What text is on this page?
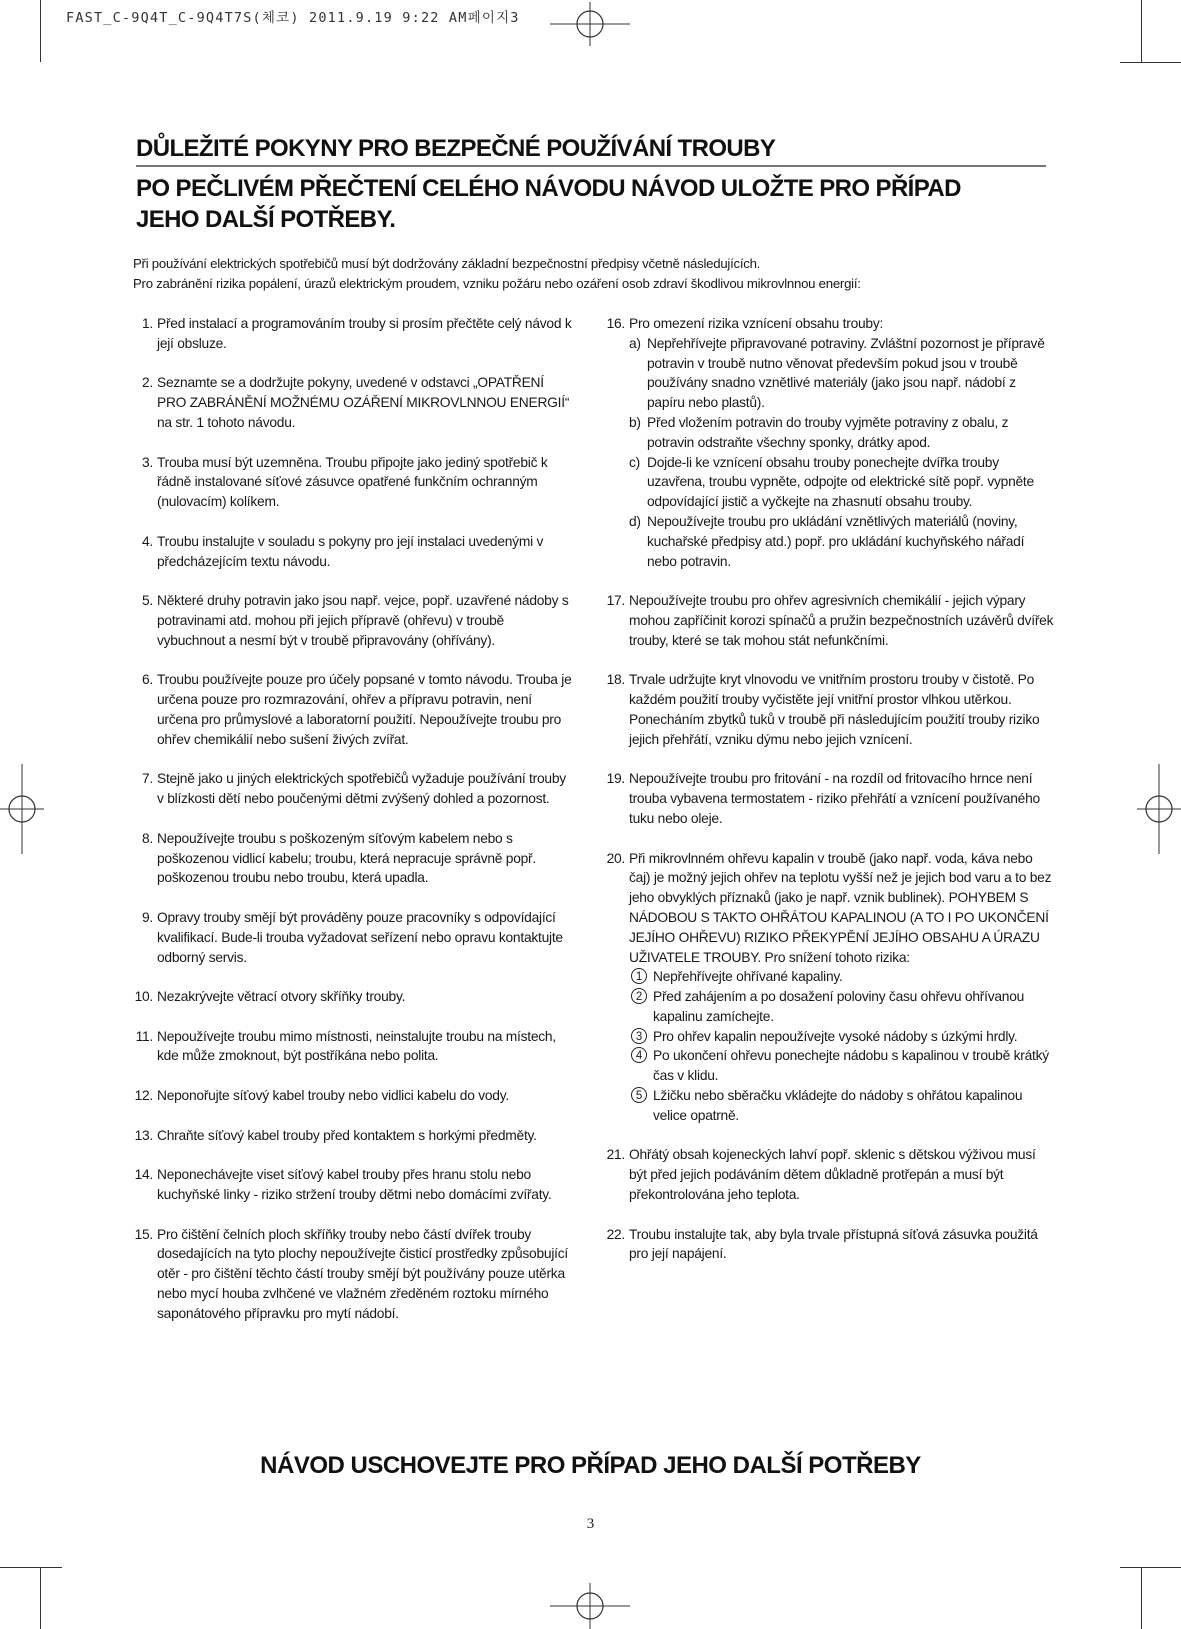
FAST_C-9Q4T_C-9Q4T7S(체코) 2011.9.19 9:22 AM페이지3
DŮLEŽITÉ POKYNY PRO BEZPEČNÉ POUŽÍVÁNÍ TROUBY
PO PEČLIVÉM PŘEČTENÍ CELÉHO NÁVODU NÁVOD ULOŽTE PRO PŘÍPAD
JEHO DALŠÍ POTŘEBY.

Při používání elektrických spotřebičů musí být dodržovány základní bezpečnostní předpisy včetně následujících.

Pro zabránění rizika popálení, úrazů elektrickým proudem, vzniku požáru nebo ozáření osob zdraví škodlivou mikrovlnnou energií:

1. Před instalací a programováním trouby si prosím přečtěte celý návod k její obsluze.

2. Seznamte se a dodržujte pokyny, uvedené v odstavci „OPATŘENÍ PRO ZABRÁNĚNÍ MOŽNÉMU OZÁŘENÍ MIKROVLNNOU ENERGIÍ“ na str. 1 tohoto návodu.

3. Trouba musí být uzemněna. Troubu připojte jako jediný spotřebič k řádně instalované síťové zásuvce opatřené funkčním ochranným (nulovacím) kolíkem.

4. Troubu instalujte v souladu s pokyny pro její instalaci uvedenými v předcházejícím textu návodu.

5. Některé druhy potravin jako jsou např. vejce, popř. uzavřené nádoby s potravinami atd. mohou při jejich přípravě (ohřevu) v troubě vybuchnout a nesmí být v troubě připravovány (ohřívány).

6. Troubu používejte pouze pro účely popsané v tomto návodu. Trouba je určena pouze pro rozmrazování, ohřev a přípravu potravin, není určena pro průmyslové a laboratorní použití. Nepoužívejte troubu pro ohřev chemikálií nebo sušení živých zvířat.

7. Stejně jako u jiných elektrických spotřebičů vyžaduje používání trouby v blízkosti dětí nebo poučenými dětmi zvýšený dohled a pozornost.

8. Nepoužívejte troubu s poškozeným síťovým kabelem nebo s poškozenou vidlicí kabelu; troubu, která nepracuje správně popř. poškozenou troubu nebo troubu, která upadla.

9. Opravy trouby smějí být prováděny pouze pracovníky s odpovídající kvalifikací. Bude-li trouba vyžadovat seřízení nebo opravu kontaktujte odborný servis.

10. Nezakrývejte větrací otvory skříňky trouby.

11. Nepoužívejte troubu mimo místnosti, neinstalujte troubu na místech, kde může zmoknout, být postříkána nebo polita.

12. Neponořujte síťový kabel trouby nebo vidlici kabelu do vody.

13. Chraňte síťový kabel trouby před kontaktem s horkými předměty.

14. Neponechávejte viset síťový kabel trouby přes hranu stolu nebo kuchyňské linky - riziko stržení trouby dětmi nebo domácími zvířaty.

15. Pro čištění čelních ploch skříňky trouby nebo částí dvířek trouby dosedajících na tyto plochy nepoužívejte čisticí prostředky způsobující otěr - pro čištění těchto částí trouby smějí být používány pouze utěrka nebo mycí houba zvlhčené ve vlažném zředěném roztoku mírného saponátového přípravku pro mytí nádobí.

16. Pro omezení rizika vznícení obsahu trouby:

a) Nepřehřívejte připravované potraviny. Zvláštní pozornost je přípravě potravin v troubě nutno věnovat především pokud jsou v troubě používány snadno vznětlivé materiály (jako jsou např. nádobí z papíru nebo plastů).

b) Před vložením potravin do trouby vyjměte potraviny z obalu, z potravin odstraňte všechny sponky, drátky apod.

c) Dojde-li ke vznícení obsahu trouby ponechejte dvířka trouby uzavřena, troubu vypněte, odpojte od elektrické sítě popř. vypněte odpovídající jistič a vyčkejte na zhasnutí obsahu trouby.

d) Nepoužívejte troubu pro ukládání vznětlivých materiálů (noviny, kuchařské předpisy atd.) popř. pro ukládání kuchyňského nářadí nebo potravin.

17. Nepoužívejte troubu pro ohřev agresivních chemikálií - jejich výpary mohou zapříčinit korozi spínačů a pružin bezpečnostních uzávěrů dvířek trouby, které se tak mohou stát nefunkčními.

18. Trvale udržujte kryt vlnovodu ve vnitřním prostoru trouby v čistotě. Po každém použití trouby vyčistěte její vnitřní prostor vlhkou utěrkou. Ponecháním zbytků tuků v troubě při následujícím použití trouby riziko jejich přehřátí, vzniku dýmu nebo jejich vznícení.

19. Nepoužívejte troubu pro fritování - na rozdíl od fritovacího hrnce není trouba vybavena termostatem - riziko přehřátí a vznícení používaného tuku nebo oleje.

20. Při mikrovlnném ohřevu kapalin v troubě (jako např. voda, káva nebo čaj) je možný jejich ohřev na teplotu vyšší než je jejich bod varu a to bez jeho obvyklých příznaků (jako je např. vznik bublinek). POHYBEM S NÁDOBOU S TAKTO OHŘÁTOU KAPALINOU (A TO I PO UKONČENÍ JEJÍHO OHŘEVU) RIZIKO PŘEKYPĚNÍ JEJÍHO OBSAHU A ÚRAZU UŽIVATELE TROUBY. Pro snížení tohoto rizika:

1 Nepřehřívejte ohřívané kapaliny.

2 Před zahájením a po dosažení poloviny času ohřevu ohřívanou kapalinu zamíchejte.

3 Pro ohřev kapalin nepoužívejte vysoké nádoby s úzkými hrdly.

4 Po ukončení ohřevu ponechejte nádobu s kapalinou v troubě krátký čas v klidu.

5 Lžičku nebo sběračku vkládejte do nádoby s ohřátou kapalinou velice opatrně.

21. Ohřátý obsah kojeneckých lahví popř. sklenic s dětskou výživou musí být před jejich podáváním dětem důkladně protřepán a musí být překontrolována jeho teplota.

22. Troubu instalujte tak, aby byla trvale přístupná síťová zásuvka použitá pro její napájení.

NÁVOD USCHOVEJTE PRO PŘÍPAD JEHO DALŠÍ POTŘEBY
3
